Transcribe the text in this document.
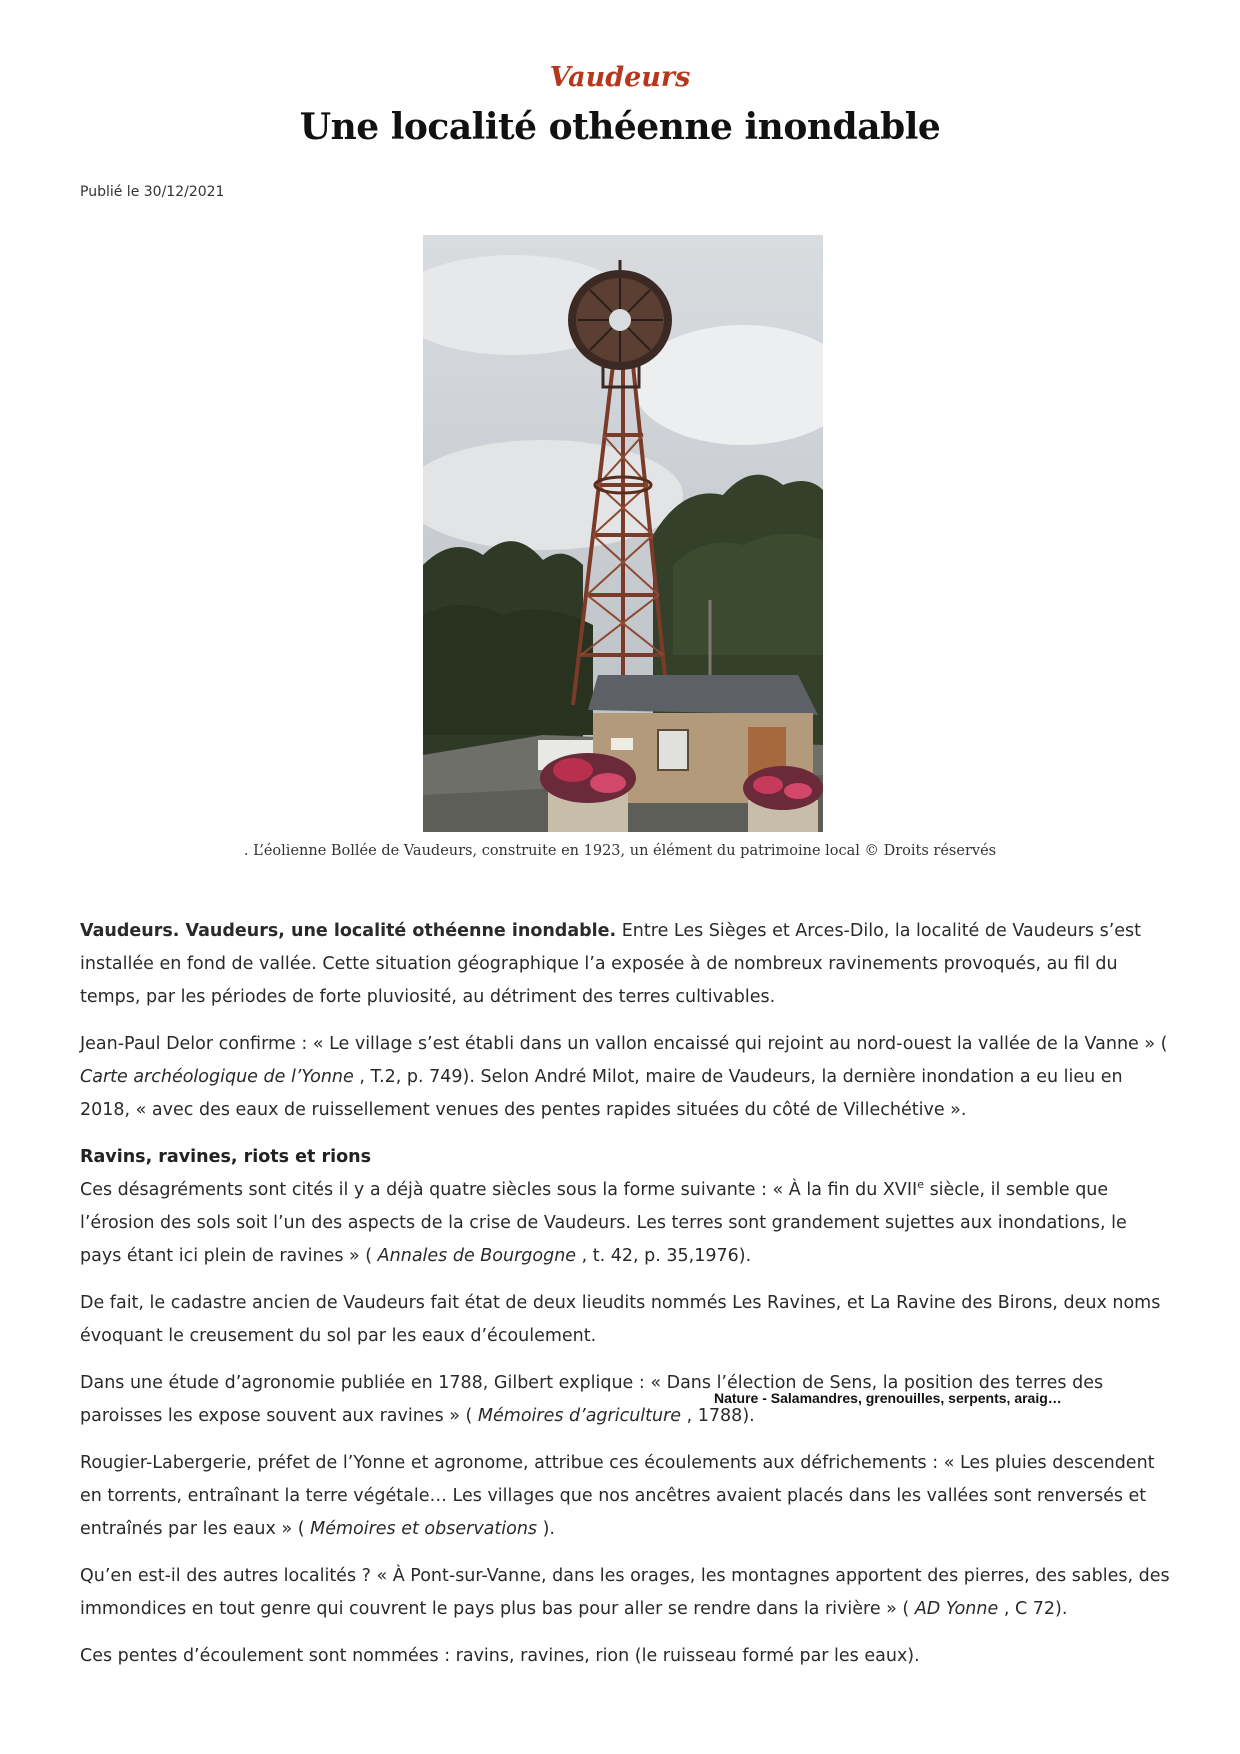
Vaudeurs
Une localité othéenne inondable
Publié le 30/12/2021
. L’éolienne Bollée de Vaudeurs, construite en 1923, un élément du patrimoine local © Droits réservés

Vaudeurs. Vaudeurs, une localité othéenne inondable. Entre Les Sièges et Arces-Dilo, la localité de Vaudeurs s’est installée en fond de vallée. Cette situation géographique l’a exposée à de nombreux ravinements provoqués, au fil du temps, par les périodes de forte pluviosité, au détriment des terres cultivables.

Jean-Paul Delor confirme : « Le village s’est établi dans un vallon encaissé qui rejoint au nord-ouest la vallée de la Vanne » ( Carte archéologique de l’Yonne , T.2, p. 749). Selon André Milot, maire de Vaudeurs, la dernière inondation a eu lieu en 2018, « avec des eaux de ruissellement venues des pentes rapides situées du côté de Villechétive ».

Ravins, ravines, riots et rions
Ces désagréments sont cités il y a déjà quatre siècles sous la forme suivante : « À la fin du XVIIe siècle, il semble que l’érosion des sols soit l’un des aspects de la crise de Vaudeurs. Les terres sont grandement sujettes aux inondations, le pays étant ici plein de ravines » ( Annales de Bourgogne , t. 42, p. 35,1976).

De fait, le cadastre ancien de Vaudeurs fait état de deux lieudits nommés Les Ravines, et La Ravine des Birons, deux noms évoquant le creusement du sol par les eaux d’écoulement.

Dans une étude d’agronomie publiée en 1788, Gilbert explique : « Dans l’élection de Sens, la position des terres des paroisses les expose souvent aux ravines » ( Mémoires d’agriculture , 1788).

Rougier-Labergerie, préfet de l’Yonne et agronome, attribue ces écoulements aux défrichements : « Les pluies descendent en torrents, entraînant la terre végétale… Les villages que nos ancêtres avaient placés dans les vallées sont renversés et entraînés par les eaux » ( Mémoires et observations ).

Qu’en est-il des autres localités ? « À Pont-sur-Vanne, dans les orages, les montagnes apportent des pierres, des sables, des immondices en tout genre qui couvrent le pays plus bas pour aller se rendre dans la rivière » ( AD Yonne , C 72).

Ces pentes d’écoulement sont nommées : ravins, ravines, rion (le ruisseau formé par les eaux).

Nature - Salamandres, grenouilles, serpents, araig…
